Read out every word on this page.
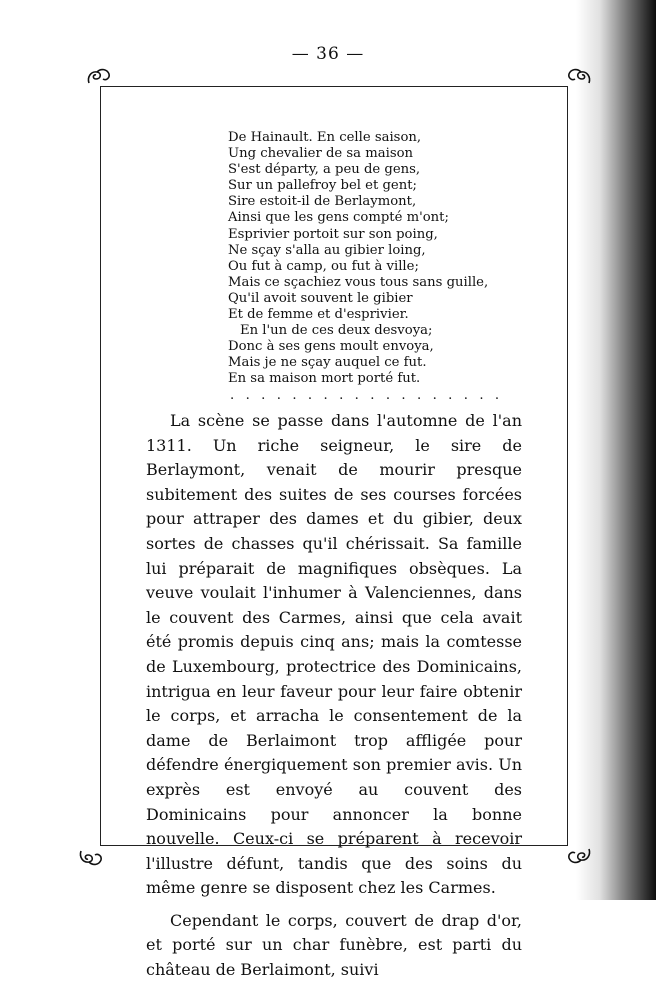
— 36 —
De Hainault. En celle saison,
Ung chevalier de sa maison
S'est départy, a peu de gens,
Sur un pallefroy bel et gent;
Sire estoit-il de Berlaymont,
Ainsi que les gens compté m'ont;
Esprivier portoit sur son poing,
Ne sçay s'alla au gibier loing,
Ou fut à camp, ou fut à ville;
Mais ce sçachiez vous tous sans guille,
Qu'il avoit souvent le gibier
Et de femme et d'esprivier.
En l'un de ces deux desvoya;
Donc à ses gens moult envoya,
Mais je ne sçay auquel ce fut.
En sa maison mort porté fut.
. . . . . . . . . . . . . . . . . .

La scène se passe dans l'automne de l'an 1311. Un riche seigneur, le sire de Berlaymont, venait de mourir presque subitement des suites de ses courses forcées pour attraper des dames et du gibier, deux sortes de chasses qu'il chérissait. Sa famille lui préparait de magnifiques obsèques. La veuve voulait l'inhumer à Valenciennes, dans le couvent des Carmes, ainsi que cela avait été promis depuis cinq ans; mais la comtesse de Luxembourg, protectrice des Dominicains, intrigua en leur faveur pour leur faire obtenir le corps, et arracha le consentement de la dame de Berlaimont trop affligée pour défendre énergiquement son premier avis. Un exprès est envoyé au couvent des Dominicains pour annoncer la bonne nouvelle. Ceux-ci se préparent à recevoir l'illustre défunt, tandis que des soins du même genre se disposent chez les Carmes.

Cependant le corps, couvert de drap d'or, et porté sur un char funèbre, est parti du château de Berlaimont, suivi
